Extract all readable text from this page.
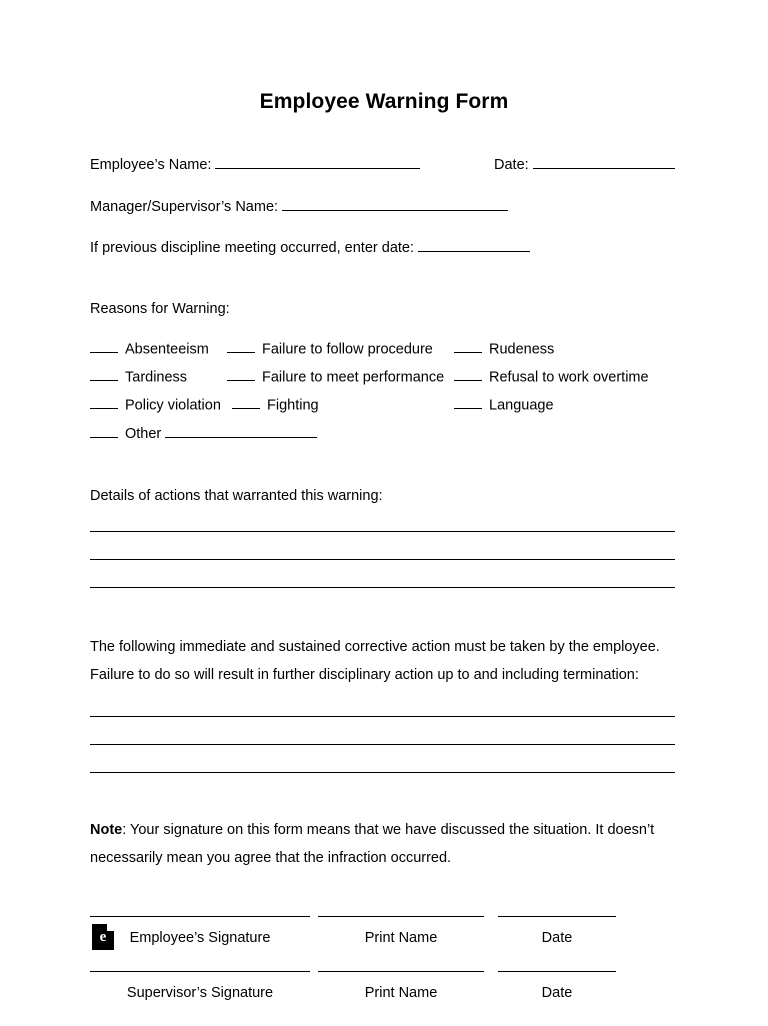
Employee Warning Form
Employee’s Name:	Date:
Manager/Supervisor’s Name:
If previous discipline meeting occurred, enter date:
Reasons for Warning:
Absenteeism	Failure to follow procedure	Rudeness
Tardiness	Failure to meet performance	Refusal to work overtime
Policy violation	Fighting	Language
Other
Details of actions that warranted this warning:
The following immediate and sustained corrective action must be taken by the employee.
Failure to do so will result in further disciplinary action up to and including termination:
Note: Your signature on this form means that we have discussed the situation. It doesn’t necessarily mean you agree that the infraction occurred.
Employee’s Signature	Print Name	Date
Supervisor’s Signature	Print Name	Date
e
